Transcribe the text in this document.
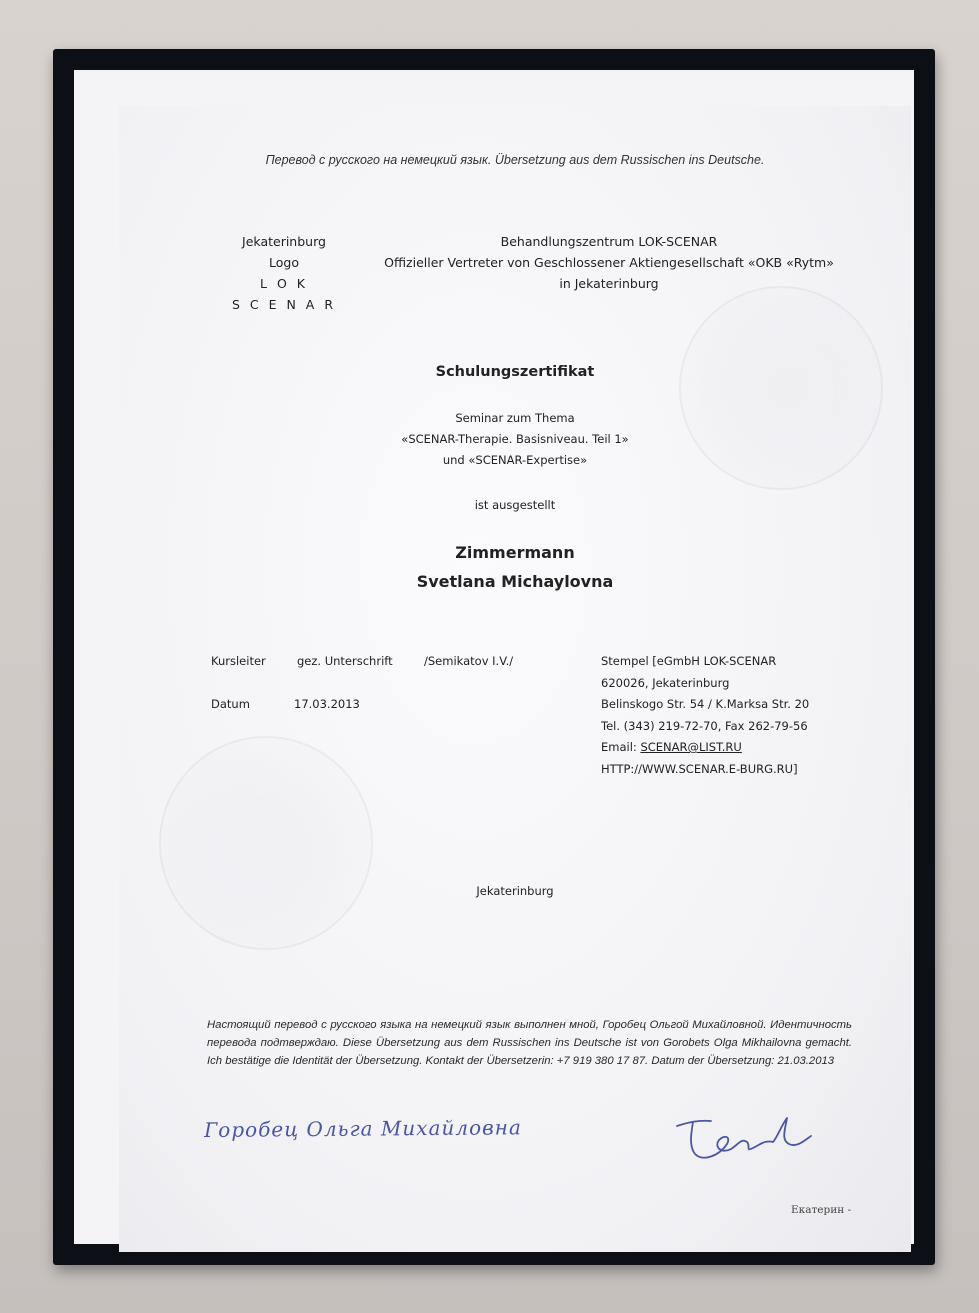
Перевод с русского на немецкий язык. Übersetzung aus dem Russischen ins Deutsche.
Jekaterinburg
Logo
L O K
S C E N A R
Behandlungszentrum LOK-SCENAR
Offizieller Vertreter von Geschlossener Aktiengesellschaft «OKB «Rytm»
in Jekaterinburg
Schulungszertifikat
Seminar zum Thema
«SCENAR-Therapie. Basisniveau. Teil 1»
und «SCENAR-Expertise»
ist ausgestellt
Zimmermann
Svetlana Michaylovna
Kursleiter	gez. Unterschrift	/Semikatov I.V./
Datum	17.03.2013
Stempel [eGmbH LOK-SCENAR
620026, Jekaterinburg
Belinskogo Str. 54 / K.Marksa Str. 20
Tel. (343) 219-72-70, Fax 262-79-56
Email: SCENAR@LIST.RU
HTTP://WWW.SCENAR.E-BURG.RU]
Jekaterinburg
Настоящий перевод с русского языка на немецкий язык выполнен мной, Горобец Ольгой Михайловной. Идентичность перевода подтверждаю. Diese Übersetzung aus dem Russischen ins Deutsche ist von Gorobets Olga Mikhailovna gemacht. Ich bestätige die Identität der Übersetzung. Kontakt der Übersetzerin: +7 919 380 17 87. Datum der Übersetzung: 21.03.2013
Горобец Ольга Михайловна
Екатерин -
